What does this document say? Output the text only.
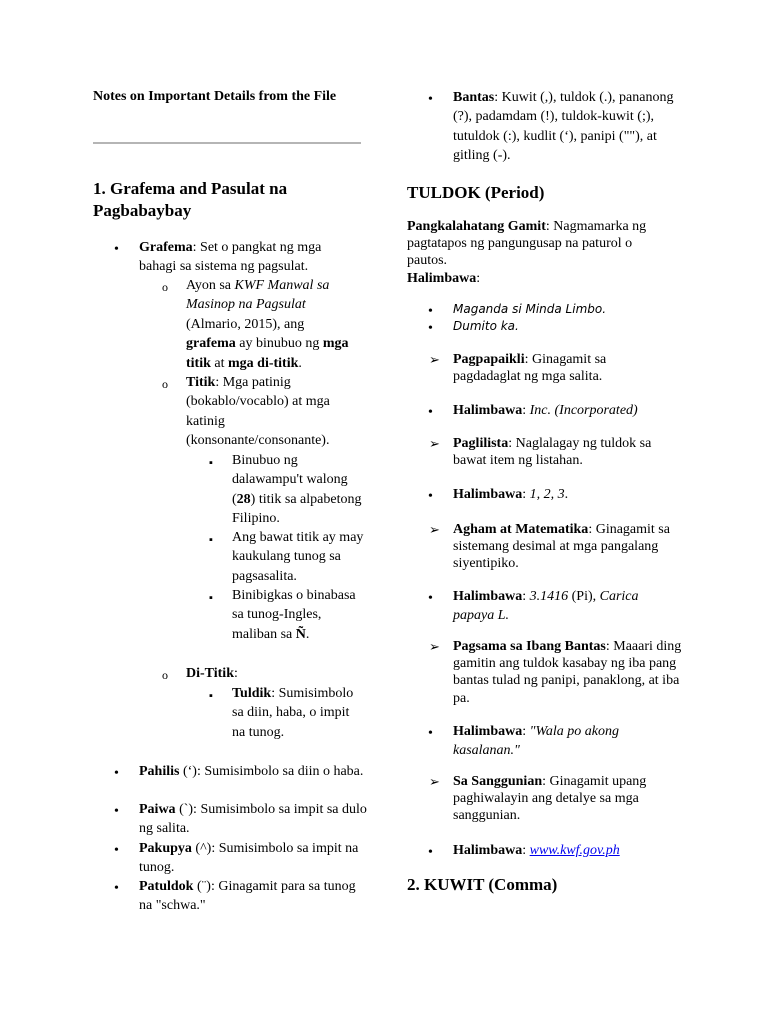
Notes on Important Details from the File
1. Grafema and Pasulat na Pagbabaybay
•
Grafema: Set o pangkat ng mga bahagi sa sistema ng pagsulat.
o
Ayon sa KWF Manwal sa Masinop na Pagsulat (Almario, 2015), ang grafema ay binubuo ng mga titik at mga di-titik.
o
Titik: Mga patinig (bokablo/vocablo) at mga katinig (konsonante/consonante).
▪
Binubuo ng dalawampu't walong (28) titik sa alpabetong Filipino.
▪
Ang bawat titik ay may kaukulang tunog sa pagsasalita.
▪
Binibigkas o binabasa sa tunog-Ingles, maliban sa Ñ.
o
Di-Titik:
▪
Tuldik: Sumisimbolo sa diin, haba, o impit na tunog.
•
Pahilis (‘): Sumisimbolo sa diin o haba.
•
Paiwa (`): Sumisimbolo sa impit sa dulo ng salita.
•
Pakupya (^): Sumisimbolo sa impit na tunog.
•
Patuldok (¨): Ginagamit para sa tunog na "schwa."
•
Bantas: Kuwit (,), tuldok (.), pananong (?), padamdam (!), tuldok-kuwit (;), tutuldok (:), kudlit (‘), panipi (""), at gitling (-).
TULDOK (Period)
Pangkalahatang Gamit: Nagmamarka ng pagtatapos ng pangungusap na paturol o pautos.
Halimbawa:
•
Maganda si Minda Limbo.
•
Dumito ka.
➢
Pagpapaikli: Ginagamit sa pagdadaglat ng mga salita.
•
Halimbawa: Inc. (Incorporated)
➢
Paglilista: Naglalagay ng tuldok sa bawat item ng listahan.
•
Halimbawa: 1, 2, 3.
➢
Agham at Matematika: Ginagamit sa sistemang desimal at mga pangalang siyentipiko.
•
Halimbawa: 3.1416 (Pi), Carica papaya L.
➢
Pagsama sa Ibang Bantas: Maaari ding gamitin ang tuldok kasabay ng iba pang bantas tulad ng panipi, panaklong, at iba pa.
•
Halimbawa: "Wala po akong kasalanan."
➢
Sa Sanggunian: Ginagamit upang paghiwalayin ang detalye sa mga sanggunian.
•
Halimbawa: www.kwf.gov.ph
2. KUWIT (Comma)
